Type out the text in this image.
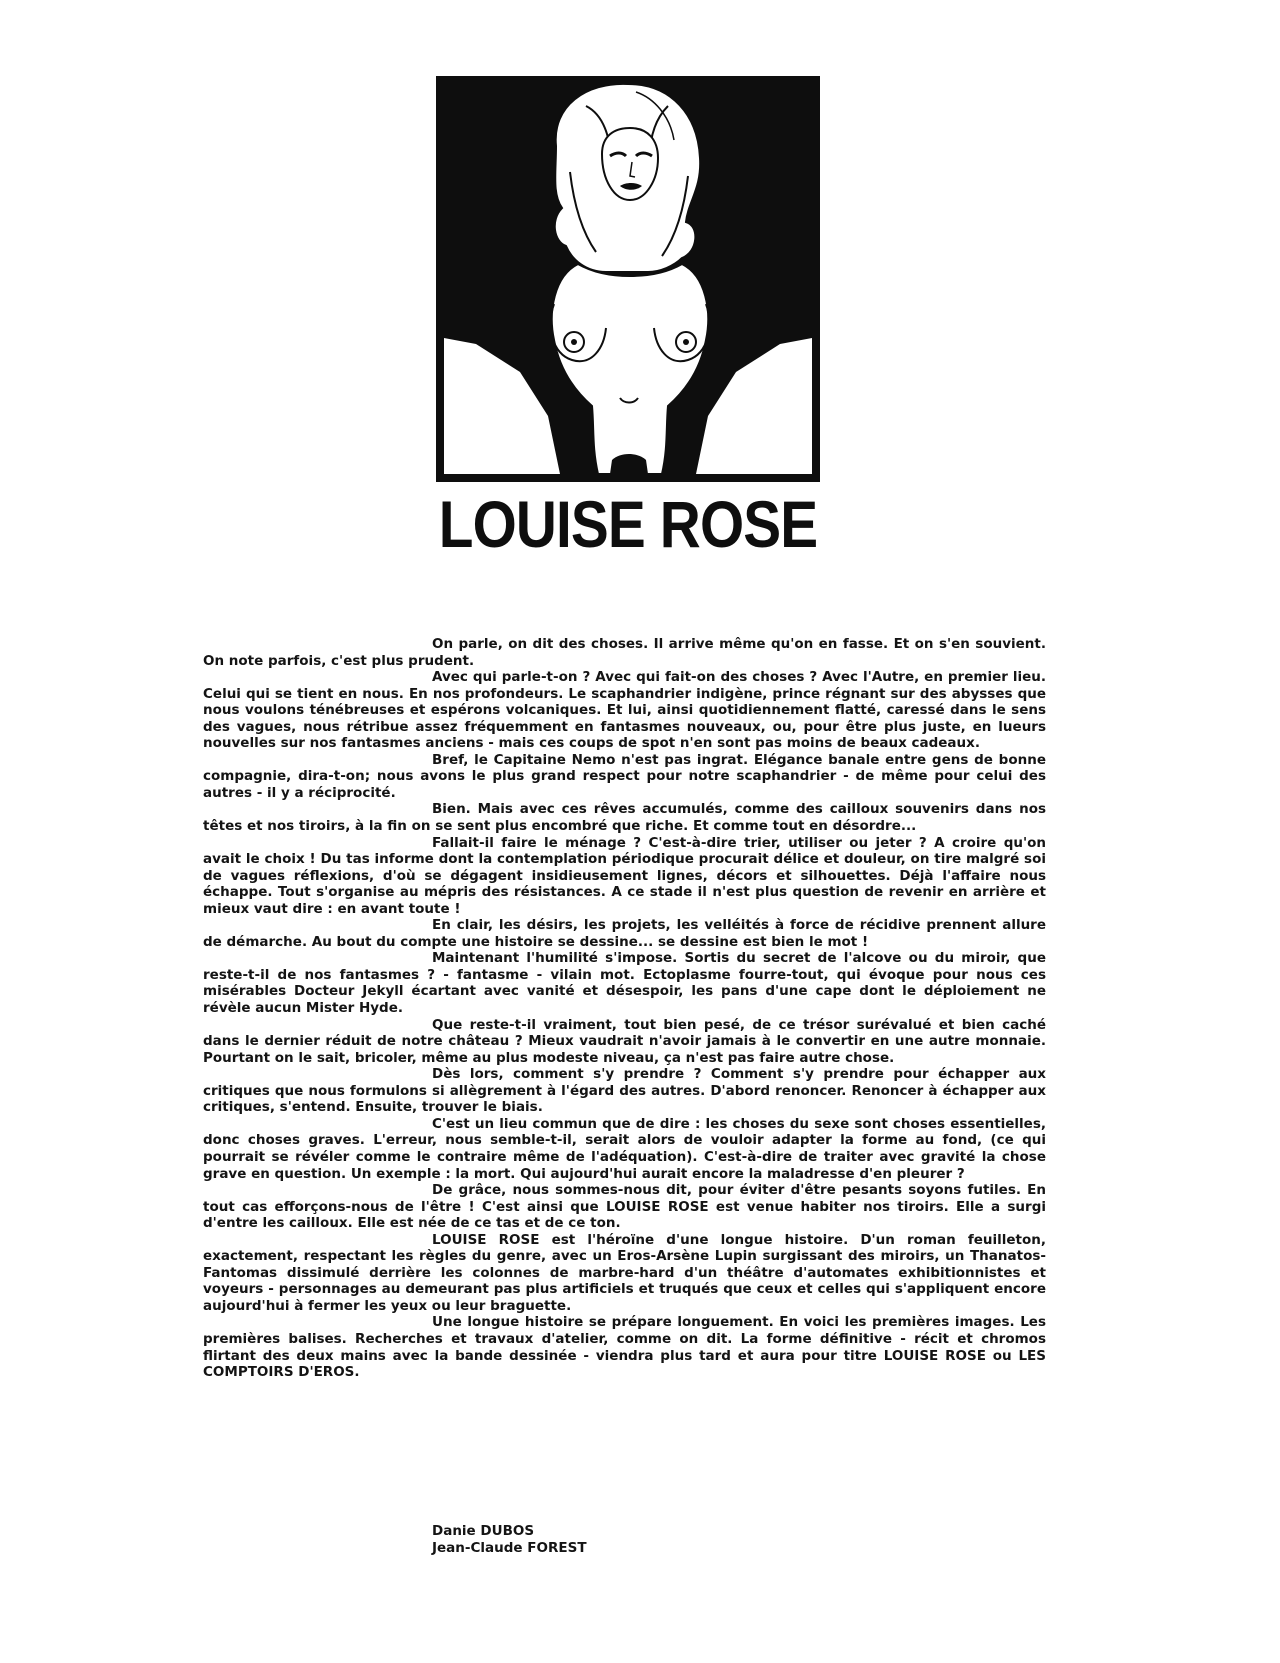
LOUISE ROSE

On parle, on dit des choses. Il arrive même qu'on en fasse. Et on s'en souvient. On note parfois, c'est plus prudent.

Avec qui parle-t-on ? Avec qui fait-on des choses ? Avec l'Autre, en premier lieu. Celui qui se tient en nous. En nos profondeurs. Le scaphandrier indigène, prince régnant sur des abysses que nous voulons ténébreuses et espérons volcaniques. Et lui, ainsi quotidiennement flatté, caressé dans le sens des vagues, nous rétribue assez fréquemment en fantasmes nouveaux, ou, pour être plus juste, en lueurs nouvelles sur nos fantasmes anciens - mais ces coups de spot n'en sont pas moins de beaux cadeaux.

Bref, le Capitaine Nemo n'est pas ingrat. Elégance banale entre gens de bonne compagnie, dira-t-on; nous avons le plus grand respect pour notre scaphandrier - de même pour celui des autres - il y a réciprocité.

Bien. Mais avec ces rêves accumulés, comme des cailloux souvenirs dans nos têtes et nos tiroirs, à la fin on se sent plus encombré que riche. Et comme tout en désordre...

Fallait-il faire le ménage ? C'est-à-dire trier, utiliser ou jeter ? A croire qu'on avait le choix ! Du tas informe dont la contemplation périodique procurait délice et douleur, on tire malgré soi de vagues réflexions, d'où se dégagent insidieusement lignes, décors et silhouettes. Déjà l'affaire nous échappe. Tout s'organise au mépris des résistances. A ce stade il n'est plus question de revenir en arrière et mieux vaut dire : en avant toute !

En clair, les désirs, les projets, les velléités à force de récidive prennent allure de démarche. Au bout du compte une histoire se dessine... se dessine est bien le mot !

Maintenant l'humilité s'impose. Sortis du secret de l'alcove ou du miroir, que reste-t-il de nos fantasmes ? - fantasme - vilain mot. Ectoplasme fourre-tout, qui évoque pour nous ces misérables Docteur Jekyll écartant avec vanité et désespoir, les pans d'une cape dont le déploiement ne révèle aucun Mister Hyde.

Que reste-t-il vraiment, tout bien pesé, de ce trésor surévalué et bien caché dans le dernier réduit de notre château ? Mieux vaudrait n'avoir jamais à le convertir en une autre monnaie. Pourtant on le sait, bricoler, même au plus modeste niveau, ça n'est pas faire autre chose.

Dès lors, comment s'y prendre ? Comment s'y prendre pour échapper aux critiques que nous formulons si allègrement à l'égard des autres. D'abord renoncer. Renoncer à échapper aux critiques, s'entend. Ensuite, trouver le biais.

C'est un lieu commun que de dire : les choses du sexe sont choses essentielles, donc choses graves. L'erreur, nous semble-t-il, serait alors de vouloir adapter la forme au fond, (ce qui pourrait se révéler comme le contraire même de l'adéquation). C'est-à-dire de traiter avec gravité la chose grave en question. Un exemple : la mort. Qui aujourd'hui aurait encore la maladresse d'en pleurer ?

De grâce, nous sommes-nous dit, pour éviter d'être pesants soyons futiles. En tout cas efforçons-nous de l'être ! C'est ainsi que LOUISE ROSE est venue habiter nos tiroirs. Elle a surgi d'entre les cailloux. Elle est née de ce tas et de ce ton.

LOUISE ROSE est l'héroïne d'une longue histoire. D'un roman feuilleton, exactement, respectant les règles du genre, avec un Eros-Arsène Lupin surgissant des miroirs, un Thanatos-Fantomas dissimulé derrière les colonnes de marbre-hard d'un théâtre d'automates exhibitionnistes et voyeurs - personnages au demeurant pas plus artificiels et truqués que ceux et celles qui s'appliquent encore aujourd'hui à fermer les yeux ou leur braguette.

Une longue histoire se prépare longuement. En voici les premières images. Les premières balises. Recherches et travaux d'atelier, comme on dit. La forme définitive - récit et chromos flirtant des deux mains avec la bande dessinée - viendra plus tard et aura pour titre LOUISE ROSE ou LES COMPTOIRS D'EROS.

Danie DUBOS
Jean-Claude FOREST
